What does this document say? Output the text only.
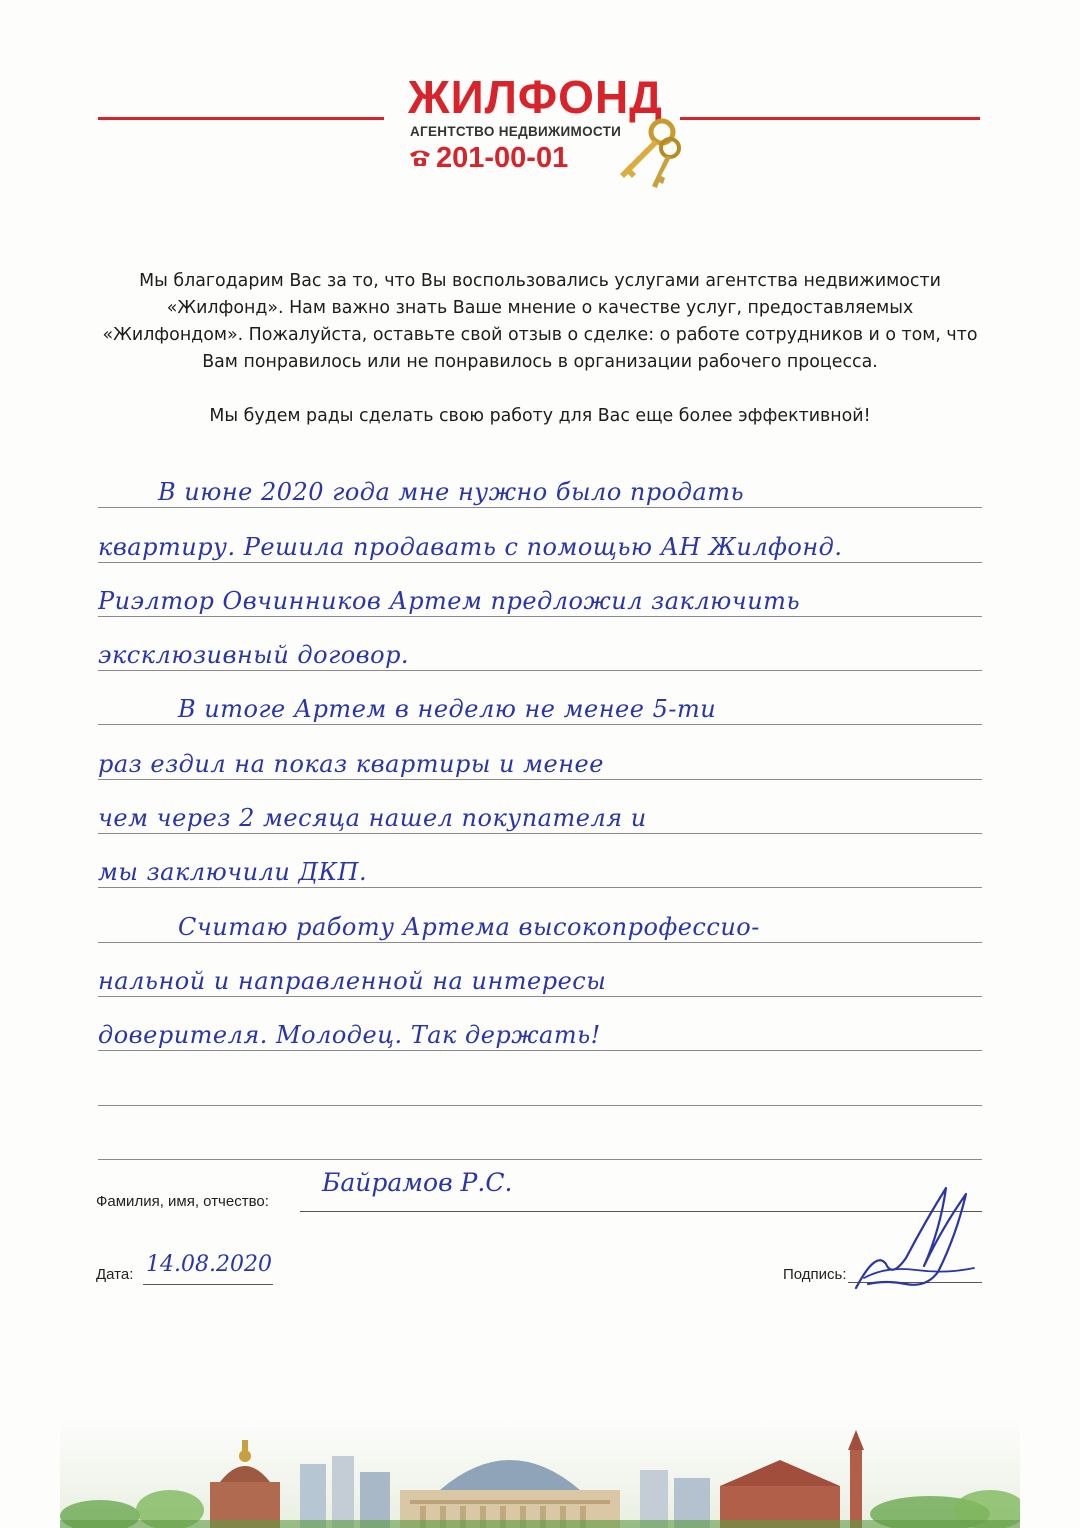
ЖИЛФОНД
АГЕНТСТВО НЕДВИЖИМОСТИ
201-00-01

Мы благодарим Вас за то, что Вы воспользовались услугами агентства недвижимости «Жилфонд». Нам важно знать Ваше мнение о качестве услуг, предоставляемых «Жилфондом». Пожалуйста, оставьте свой отзыв о сделке: о работе сотрудников и о том, что Вам понравилось или не понравилось в организации рабочего процесса.

Мы будем рады сделать свою работу для Вас еще более эффективной!

В июне 2020 года мне нужно было продать
квартиру. Решила продавать с помощью АН Жилфонд.
Риэлтор Овчинников Артем предложил заключить
эксклюзивный договор.
В итоге Артем в неделю не менее 5-ти
раз ездил на показ квартиры и менее
чем через 2 месяца нашел покупателя и
мы заключили ДКП.
Считаю работу Артема высокопрофессио-
нальной и направленной на интересы
доверителя. Молодец. Так держать!
Фамилия, имя, отчество:
Байрамов Р.С.
Дата: 14.08.2020	Подпись:
